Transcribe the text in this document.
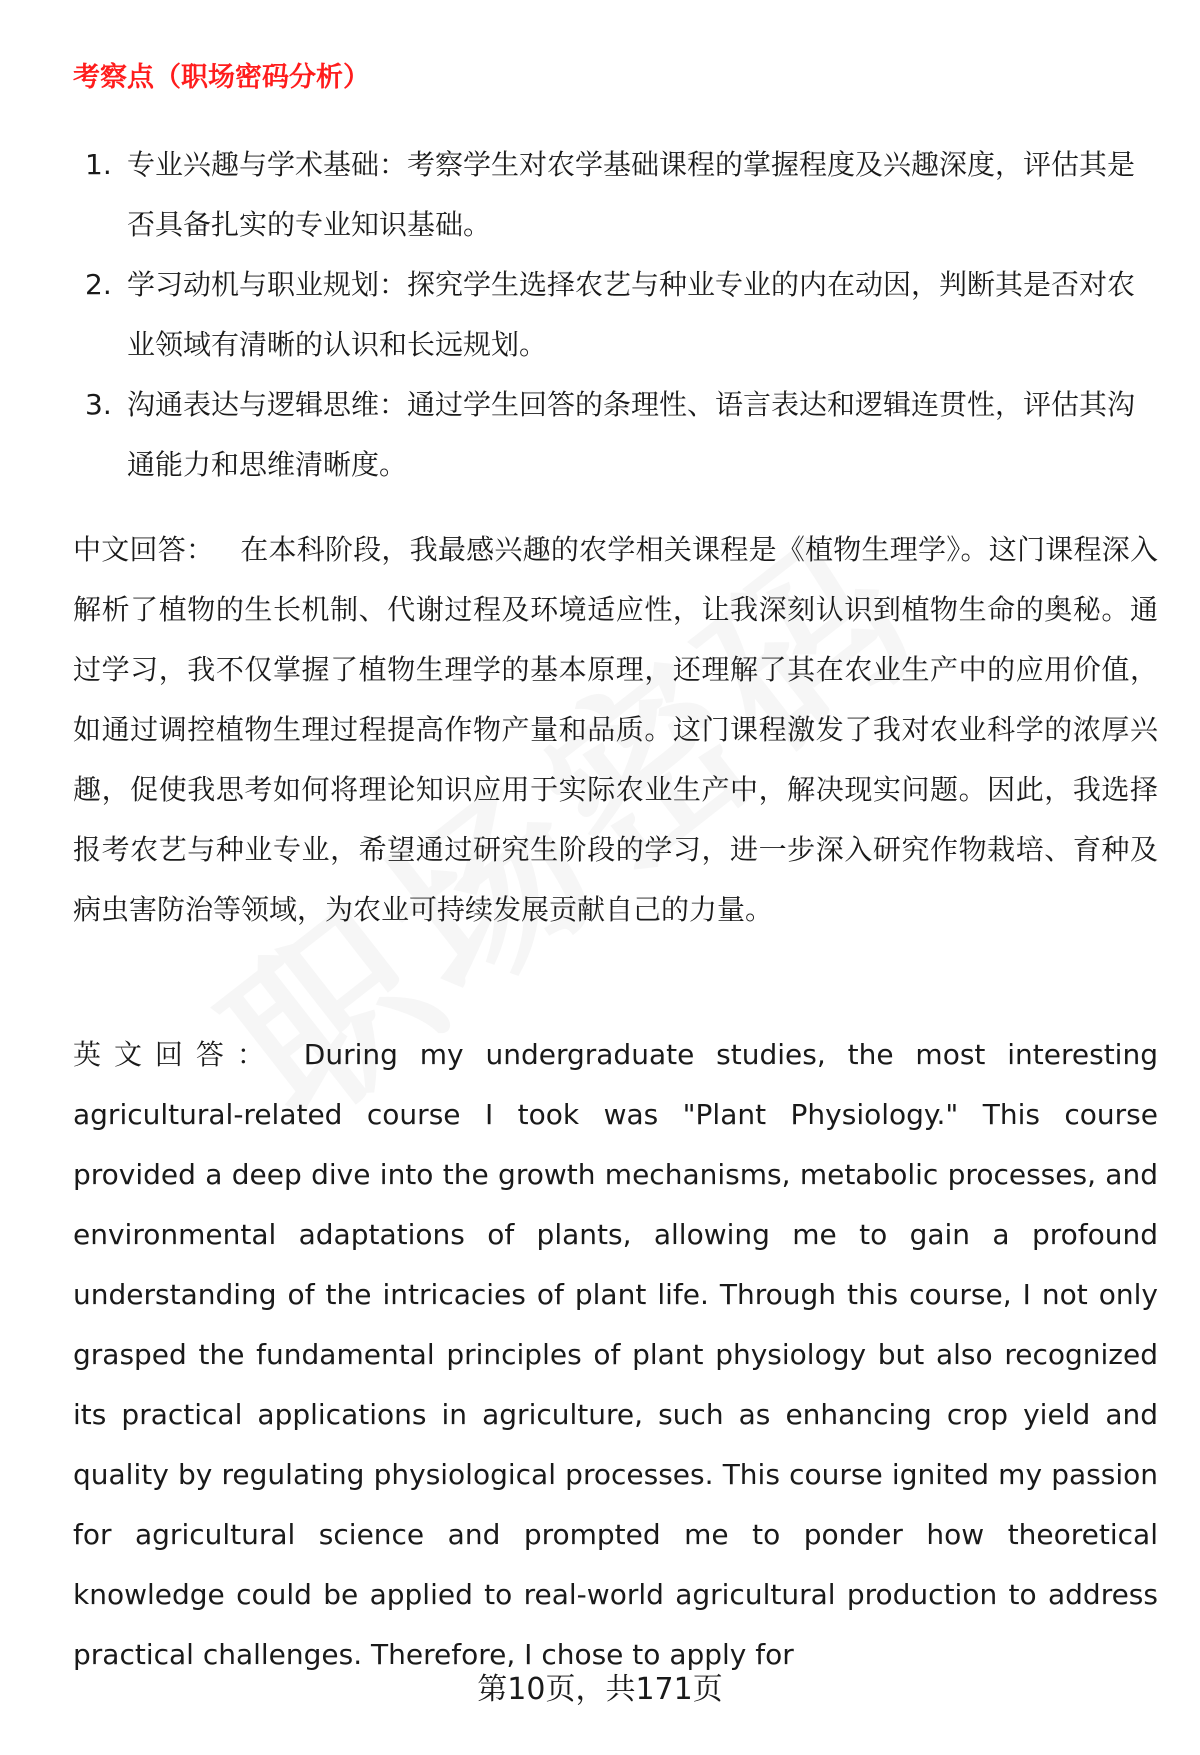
考察点（职场密码分析）
1. 专业兴趣与学术基础：考察学生对农学基础课程的掌握程度及兴趣深度，评估其是否具备扎实的专业知识基础。
2. 学习动机与职业规划：探究学生选择农艺与种业专业的内在动因，判断其是否对农业领域有清晰的认识和长远规划。
3. 沟通表达与逻辑思维：通过学生回答的条理性、语言表达和逻辑连贯性，评估其沟通能力和思维清晰度。

中文回答： 在本科阶段，我最感兴趣的农学相关课程是《植物生理学》。这门课程深入解析了植物的生长机制、代谢过程及环境适应性，让我深刻认识到植物生命的奥秘。通过学习，我不仅掌握了植物生理学的基本原理，还理解了其在农业生产中的应用价值，如通过调控植物生理过程提高作物产量和品质。这门课程激发了我对农业科学的浓厚兴趣，促使我思考如何将理论知识应用于实际农业生产中，解决现实问题。因此，我选择报考农艺与种业专业，希望通过研究生阶段的学习，进一步深入研究作物栽培、育种及病虫害防治等领域，为农业可持续发展贡献自己的力量。

英文回答： During my undergraduate studies, the most interesting agricultural-related course I took was "Plant Physiology." This course provided a deep dive into the growth mechanisms, metabolic processes, and environmental adaptations of plants, allowing me to gain a profound understanding of the intricacies of plant life. Through this course, I not only grasped the fundamental principles of plant physiology but also recognized its practical applications in agriculture, such as enhancing crop yield and quality by regulating physiological processes. This course ignited my passion for agricultural science and prompted me to ponder how theoretical knowledge could be applied to real-world agricultural production to address practical challenges. Therefore, I chose to apply for

第10页，共171页
